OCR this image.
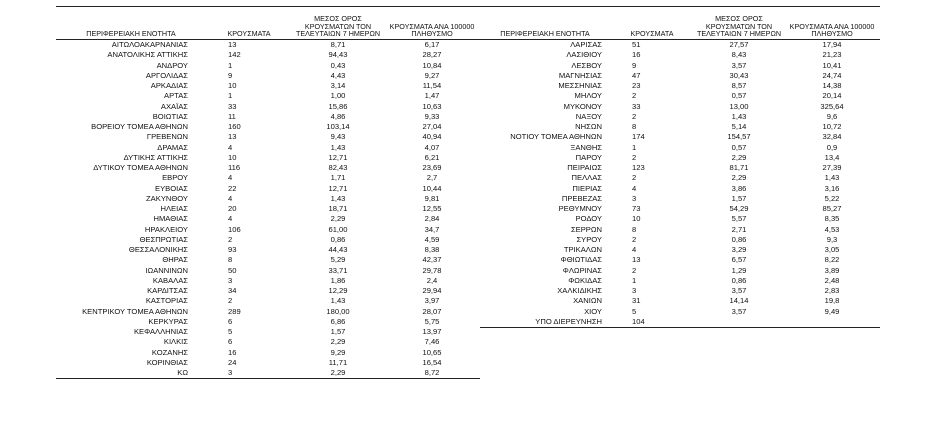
ΠΕΡΙΦΕΡΕΙΑΚΗ ΕΝΟΤΗΤΑ	ΚΡΟΥΣΜΑΤΑ	ΜΕΣΟΣ ΟΡΟΣ ΚΡΟΥΣΜΑΤΩΝ ΤΟΝ ΤΕΛΕΥΤΑΙΩΝ 7 ΗΜΕΡΩΝ	ΚΡΟΥΣΜΑΤΑ ΑΝΑ 100000 ΠΛΗΘΥΣΜΟ
ΑΙΤΩΛΟΑΚΑΡΝΑΝΙΑΣ	13	8,71	6,17
ΑΝΑΤΟΛΙΚΗΣ ΑΤΤΙΚΗΣ	142	94,43	28,27
ΑΝΔΡΟΥ	1	0,43	10,84
ΑΡΓΟΛΙΔΑΣ	9	4,43	9,27
ΑΡΚΑΔΙΑΣ	10	3,14	11,54
ΑΡΤΑΣ	1	1,00	1,47
ΑΧΑΪΑΣ	33	15,86	10,63
ΒΟΙΩΤΙΑΣ	11	4,86	9,33
ΒΟΡΕΙΟΥ ΤΟΜΕΑ ΑΘΗΝΩΝ	160	103,14	27,04
ΓΡΕΒΕΝΩΝ	13	9,43	40,94
ΔΡΑΜΑΣ	4	1,43	4,07
ΔΥΤΙΚΗΣ ΑΤΤΙΚΗΣ	10	12,71	6,21
ΔΥΤΙΚΟΥ ΤΟΜΕΑ ΑΘΗΝΩΝ	116	82,43	23,69
ΕΒΡΟΥ	4	1,71	2,7
ΕΥΒΟΙΑΣ	22	12,71	10,44
ΖΑΚΥΝΘΟΥ	4	1,43	9,81
ΗΛΕΙΑΣ	20	18,71	12,55
ΗΜΑΘΙΑΣ	4	2,29	2,84
ΗΡΑΚΛΕΙΟΥ	106	61,00	34,7
ΘΕΣΠΡΩΤΙΑΣ	2	0,86	4,59
ΘΕΣΣΑΛΟΝΙΚΗΣ	93	44,43	8,38
ΘΗΡΑΣ	8	5,29	42,37
ΙΩΑΝΝΙΝΩΝ	50	33,71	29,78
ΚΑΒΑΛΑΣ	3	1,86	2,4
ΚΑΡΔΙΤΣΑΣ	34	12,29	29,94
ΚΑΣΤΟΡΙΑΣ	2	1,43	3,97
ΚΕΝΤΡΙΚΟΥ ΤΟΜΕΑ ΑΘΗΝΩΝ	289	180,00	28,07
ΚΕΡΚΥΡΑΣ	6	6,86	5,75
ΚΕΦΑΛΛΗΝΙΑΣ	5	1,57	13,97
ΚΙΛΚΙΣ	6	2,29	7,46
ΚΟΖΑΝΗΣ	16	9,29	10,65
ΚΟΡΙΝΘΙΑΣ	24	11,71	16,54
ΚΩ	3	2,29	8,72
ΠΕΡΙΦΕΡΕΙΑΚΗ ΕΝΟΤΗΤΑ	ΚΡΟΥΣΜΑΤΑ	ΜΕΣΟΣ ΟΡΟΣ ΚΡΟΥΣΜΑΤΩΝ ΤΟΝ ΤΕΛΕΥΤΑΙΩΝ 7 ΗΜΕΡΩΝ	ΚΡΟΥΣΜΑΤΑ ΑΝΑ 100000 ΠΛΗΘΥΣΜΟ
ΛΑΡΙΣΑΣ	51	27,57	17,94
ΛΑΣΙΘΙΟΥ	16	8,43	21,23
ΛΕΣΒΟΥ	9	3,57	10,41
ΜΑΓΝΗΣΙΑΣ	47	30,43	24,74
ΜΕΣΣΗΝΙΑΣ	23	8,57	14,38
ΜΗΛΟΥ	2	0,57	20,14
ΜΥΚΟΝΟΥ	33	13,00	325,64
ΝΑΞΟΥ	2	1,43	9,6
ΝΗΣΩΝ	8	5,14	10,72
ΝΟΤΙΟΥ ΤΟΜΕΑ ΑΘΗΝΩΝ	174	154,57	32,84
ΞΑΝΘΗΣ	1	0,57	0,9
ΠΑΡΟΥ	2	2,29	13,4
ΠΕΙΡΑΙΩΣ	123	81,71	27,39
ΠΕΛΛΑΣ	2	2,29	1,43
ΠΙΕΡΙΑΣ	4	3,86	3,16
ΠΡΕΒΕΖΑΣ	3	1,57	5,22
ΡΕΘΥΜΝΟΥ	73	54,29	85,27
ΡΟΔΟΥ	10	5,57	8,35
ΣΕΡΡΩΝ	8	2,71	4,53
ΣΥΡΟΥ	2	0,86	9,3
ΤΡΙΚΑΛΩΝ	4	3,29	3,05
ΦΘΙΩΤΙΔΑΣ	13	6,57	8,22
ΦΛΩΡΙΝΑΣ	2	1,29	3,89
ΦΩΚΙΔΑΣ	1	0,86	2,48
ΧΑΛΚΙΔΙΚΗΣ	3	3,57	2,83
ΧΑΝΙΩΝ	31	14,14	19,8
ΧΙΟΥ	5	3,57	9,49
ΥΠΟ ΔΙΕΡΕΥΝΗΣΗ	104		
